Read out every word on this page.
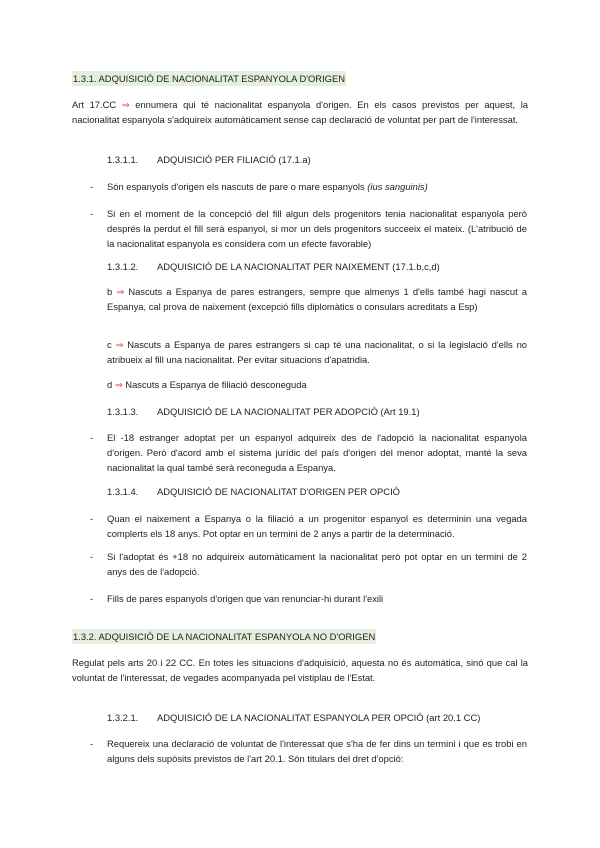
1.3.1. ADQUISICIÓ DE NACIONALITAT ESPANYOLA D'ORIGEN
Art 17.CC ⇒ ennumera qui té nacionalitat espanyola d'origen. En els casos previstos per aquest, la nacionalitat espanyola s'adquireix automàticament sense cap declaració de voluntat per part de l'interessat.
1.3.1.1. ADQUISICIÓ PER FILIACIÓ (17.1.a)
- Són espanyols d'origen els nascuts de pare o mare espanyols (ius sanguinis)
- Si en el moment de la concepció del fill algun dels progenitors tenia nacionalitat espanyola però després la perdut el fill serà espanyol, si mor un dels progenitors succeeix el mateix. (L'atribució de la nacionalitat espanyola es considera com un efecte favorable)
1.3.1.2. ADQUISICIÓ DE LA NACIONALITAT PER NAIXEMENT (17.1.b,c,d)
b ⇒ Nascuts a Espanya de pares estrangers, sempre que almenys 1 d'ells també hagi nascut a Espanya, cal prova de naixement (excepció fills diplomàtics o consulars acreditats a Esp)
c ⇒ Nascuts a Espanya de pares estrangers si cap té una nacionalitat, o si la legislació d'ells no atribueix al fill una nacionalitat. Per evitar situacions d'apatridia.
d ⇒ Nascuts a Espanya de filiació desconeguda
1.3.1.3. ADQUISICIÓ DE LA NACIONALITAT PER ADOPCIÓ (Art 19.1)
- El -18 estranger adoptat per un espanyol adquireix des de l'adopció la nacionalitat espanyola d'origen. Però d'acord amb el sistema jurídic del país d'origen del menor adoptat, manté la seva nacionalitat la qual també serà reconeguda a Espanya.
1.3.1.4. ADQUISICIÓ DE NACIONALITAT D'ORIGEN PER OPCIÓ
- Quan el naixement a Espanya o la filiació a un progenitor espanyol es determinin una vegada complerts els 18 anys. Pot optar en un termini de 2 anys a partir de la determinació.
- Si l'adoptat és +18 no adquireix automàticament la nacionalitat però pot optar en un termini de 2 anys des de l'adopció.
- Fills de pares espanyols d'origen que van renunciar-hi durant l'exili
1.3.2. ADQUISICIÓ DE LA NACIONALITAT ESPANYOLA NO D'ORIGEN
Regulat pels arts 20 i 22 CC. En totes les situacions d'adquisició, aquesta no és automàtica, sinó que cal la voluntat de l'interessat, de vegades acompanyada pel vistiplau de l'Estat.
1.3.2.1. ADQUISICIÓ DE LA NACIONALITAT ESPANYOLA PER OPCIÓ (art 20.1 CC)
- Requereix una declaració de voluntat de l'interessat que s'ha de fer dins un termini i que es trobi en alguns dels supòsits previstos de l'art 20.1. Són titulars del dret d'opció:
